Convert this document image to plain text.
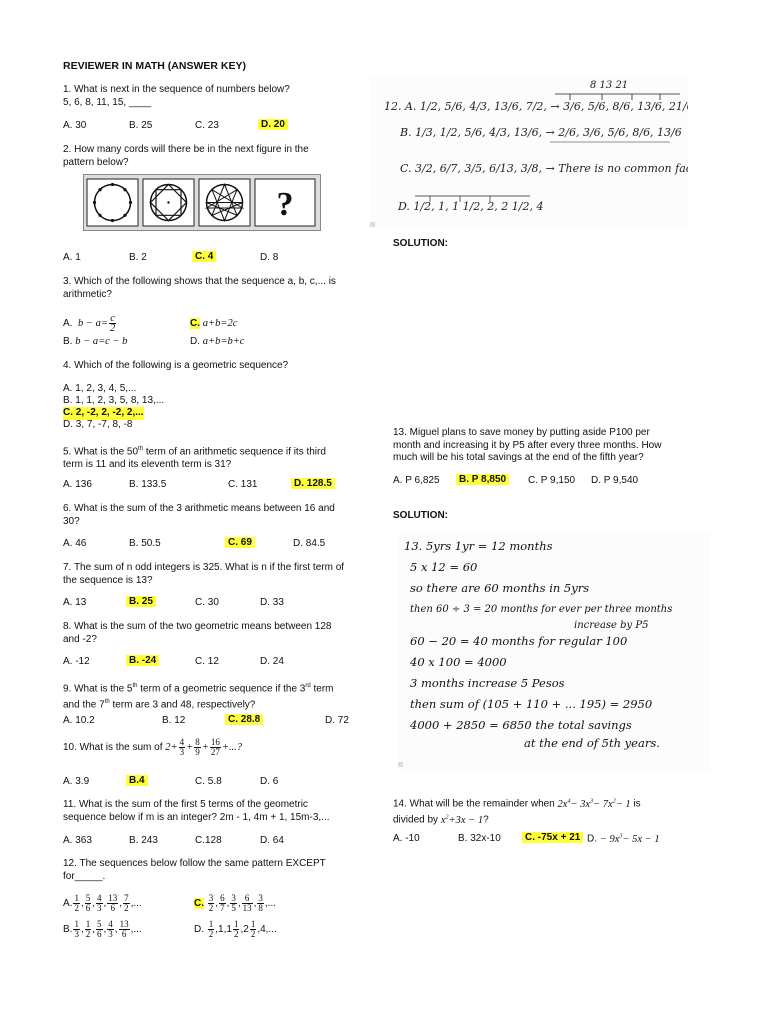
REVIEWER IN MATH (ANSWER KEY)
1. What is next in the sequence of numbers below?
5, 6, 8, 11, 15, ____
A. 30	B. 25	C. 23	D. 20
2. How many cords will there be in the next figure in the
pattern below?
?
A. 1	B. 2	C. 4	D. 8
3. Which of the following shows that the sequence a, b, c,... is
arithmetic?
A. $b - a= \frac{c}{2}$	C. a+b=2c
B. b − a=c − b	D. a+b=b+c
4. Which of the following is a geometric sequence?
A. 1, 2, 3, 4, 5,...
B. 1, 1, 2, 3, 5, 8, 13,...
C. 2, -2, 2, -2, 2,...
D. 3, 7, -7, 8, -8
5. What is the 50th term of an arithmetic sequence if its third
term is 11 and its eleventh term is 31?
A. 136	B. 133.5	C. 131	D. 128.5
6. What is the sum of the 3 arithmetic means between 16 and
30?
A. 46	B. 50.5	C. 69	D. 84.5
7. The sum of n odd integers is 325. What is n if the first term of
the sequence is 13?
A. 13	B. 25	C. 30	D. 33
8. What is the sum of the two geometric means between 128
and -2?
A. -12	B. -24	C. 12	D. 24
9. What is the 5th term of a geometric sequence if the 3rd term
and the 7th term are 3 and 48, respectively?
A. 10.2	B. 12	C. 28.8	D. 72
10. What is the sum of $2+ \frac{4}{3} + \frac{8}{9} + \frac{16}{27}$ +...?
A. 3.9	B.4	C. 5.8	D. 6
11. What is the sum of the first 5 terms of the geometric
sequence below if m is an integer? 2m - 1, 4m + 1, 15m-3,...
A. 363	B. 243	C.128	D. 64
12. The sequences below follow the same pattern EXCEPT
for_____.
A. $\frac{1}{2}$ , $\frac{5}{6}$ , $\frac{4}{3}$ , $\frac{13}{6}$ , $\frac{7}{2}$ ,...	C. $\frac{3}{2}$ , $\frac{6}{7}$ , $\frac{3}{5}$ , $\frac{6}{13}$ , $\frac{3}{8}$ ,...
B. $\frac{1}{3}$ , $\frac{1}{2}$ , $\frac{5}{6}$ , $\frac{4}{3}$ , $\frac{13}{6}$ ,...	D. $\frac{1}{2} ,1,1 \frac{1}{2} ,2 \frac{1}{2} ,4$,...
8 13 21
12. A. 1/2, 5/6, 4/3, 13/6, 7/2, → 3/6, 5/6, 8/6, 13/6, 21/6
B. 1/3, 1/2, 5/6, 4/3, 13/6, → 2/6, 3/6, 5/6, 8/6, 13/6
C. 3/2, 6/7, 3/5, 6/13, 3/8, → There is no common factor
D. 1/2, 1, 1 1/2, 2, 2 1/2, 4
SOLUTION:
13. Miguel plans to save money by putting aside P100 per
month and increasing it by P5 after every three months. How
much will be his total savings at the end of the fifth year?
A. P 6,825	B. P 8,850	C. P 9,150 D. P 9,540
SOLUTION:
13. 5yrs 1yr = 12 months
5 x 12 = 60
so there are 60 months in 5yrs
then 60 ÷ 3 = 20 months for ever per three months
increase by P5
60 − 20 = 40 months for regular 100
40 x 100 = 4000
3 months increase 5 Pesos
then sum of (105 + 110 + ... 195) = 2950
4000 + 2850 = 6850 the total savings
at the end of 5th years.
14. What will be the remainder when $2x^4- 3x^3- 7x^2- 1$ is
divided by $x^2+3x - 1$?
A. -10	B. 32x-10	C. -75x + 21 D. − $9x^3- 5x - 1$
